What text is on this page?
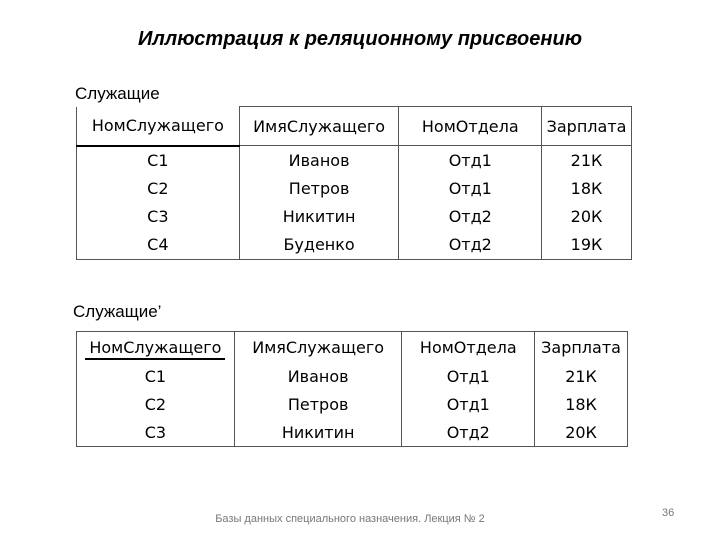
Иллюстрация к реляционному присвоению
Служащие
НомСлужащего	ИмяСлужащего	НомОтдела	Зарплата
С1	Иванов	Отд1	21К
С2	Петров	Отд1	18К
С3	Никитин	Отд2	20К
С4	Буденко	Отд2	19К
Служащие’
НомСлужащего	ИмяСлужащего	НомОтдела	Зарплата
С1	Иванов	Отд1	21К
С2	Петров	Отд1	18К
С3	Никитин	Отд2	20К
Базы данных специального назначения. Лекция № 2	36
